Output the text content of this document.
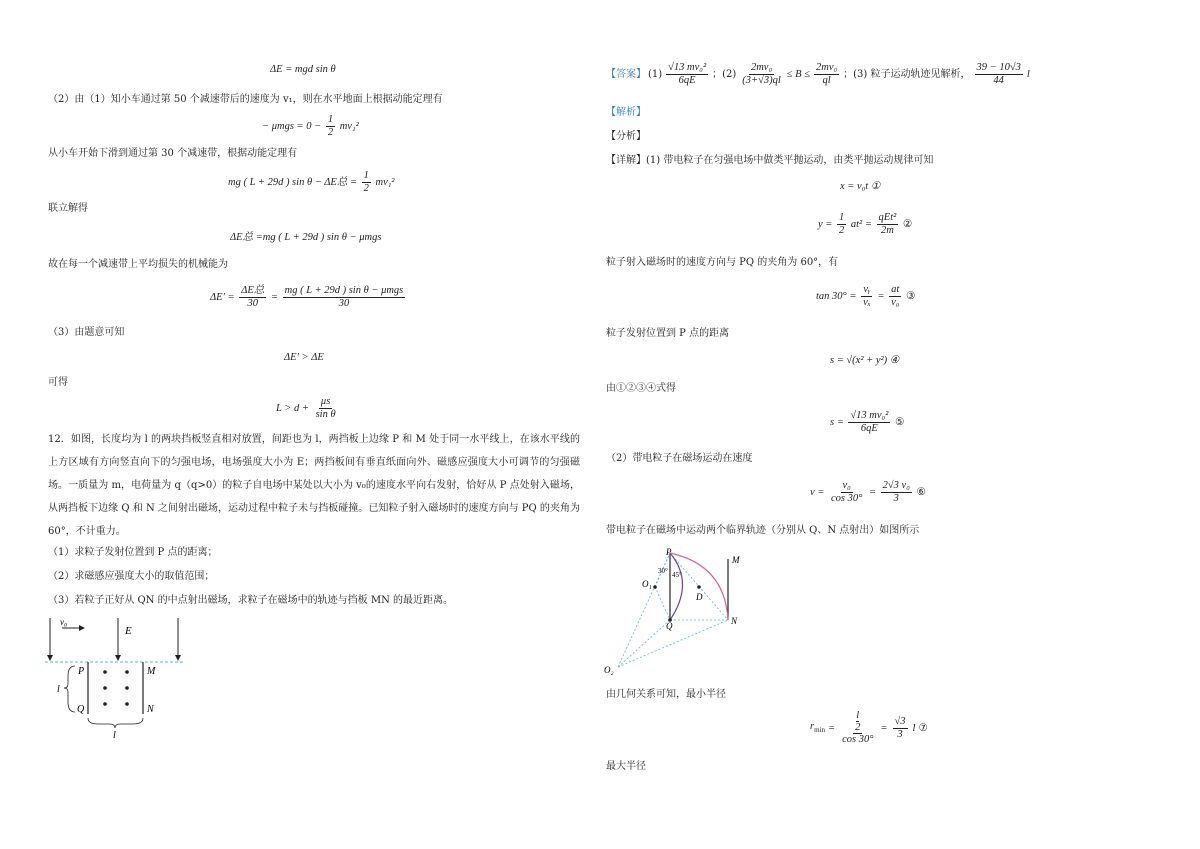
ΔE = mgd sin θ
（2）由（1）知小车通过第 50 个减速带后的速度为 v₁，则在水平地面上根据动能定理有
− $\mu mgs = 0 - \frac{1}{2} mv_1^2$
从小车开始下滑到通过第 30 个减速带，根据动能定理有
mg ( L + 29d ) sin θ − ΔE总 = $\frac{1}{2} mv_1^2$
联立解得
ΔE总 =mg ( L + 29d ) sin θ − μmgs
故在每一个减速带上平均损失的机械能为
$\Delta E' = \frac{\text{ΔE总}}{30} = \frac{\text{mg ( L + 29d ) sin θ − μmgs}}{30}$
（3）由题意可知
ΔE′ > ΔE
可得
$L > d + \frac{\mu s}{\text{sin θ}}$
12．如图，长度均为 l 的两块挡板竖直相对放置，间距也为 l，两挡板上边缘 P 和 M 处于同一水平线上，在该水平线的上方区域有方向竖直向下的匀强电场，电场强度大小为 E；两挡板间有垂直纸面向外、磁感应强度大小可调节的匀强磁场。一质量为 m，电荷量为 q（q>0）的粒子自电场中某处以大小为 v₀的速度水平向右发射，恰好从 P 点处射入磁场，从两挡板下边缘 Q 和 N 之间射出磁场，运动过程中粒子未与挡板碰撞。已知粒子射入磁场时的速度方向与 PQ 的夹角为 60°，不计重力。
（1）求粒子发射位置到 P 点的距离；
（2）求磁感应强度大小的取值范围；
（3）若粒子正好从 QN 的中点射出磁场，求粒子在磁场中的轨迹与挡板 MN 的最近距离。
v₀
E
P	M
Q	N
l
l
【答案】 $(1) \frac{\text{√13 mv₀²}}{6qE}$ ；$(2) \frac{\text{2mv₀}}{(3+√3)ql} \le B \le \frac{\text{2mv₀}}{ql}$ ；(3) 粒子运动轨迹见解析， $\frac{39 - 10√3}{44}$ l
【解析】
【分析】
【详解】(1) 带电粒子在匀强电场中做类平抛运动，由类平抛运动规律可知
x = v₀t ①
$y = \frac{1}{2} at^2 = \frac{\text{qEt²}}{2m}$ ②
粒子射入磁场时的速度方向与 PQ 的夹角为 60°，有
$\tan 30^\circ = \frac{\text{vᵧ}}{\text{vₓ}} = \frac{at}{\text{v₀}}$ ③
粒子发射位置到 P 点的距离
s = √(x² + y²) ④
由①②③④式得
$s = \frac{\text{√13 mv₀²}}{6qE}$ ⑤
（2）带电粒子在磁场运动在速度
$v = \frac{\text{v₀}}{\cos 30^\circ} = \frac{\text{2√3 v₀}}{3}$ ⑥
带电粒子在磁场中运动两个临界轨迹（分别从 Q、N 点射出）如图所示
P
M
O₁
D
Q	N
O₂
30° 45°
由几何关系可知，最小半径
$r_{min} = l$
2
$\cos 30^\circ = \frac{√3}{3}$ l ⑦
最大半径
